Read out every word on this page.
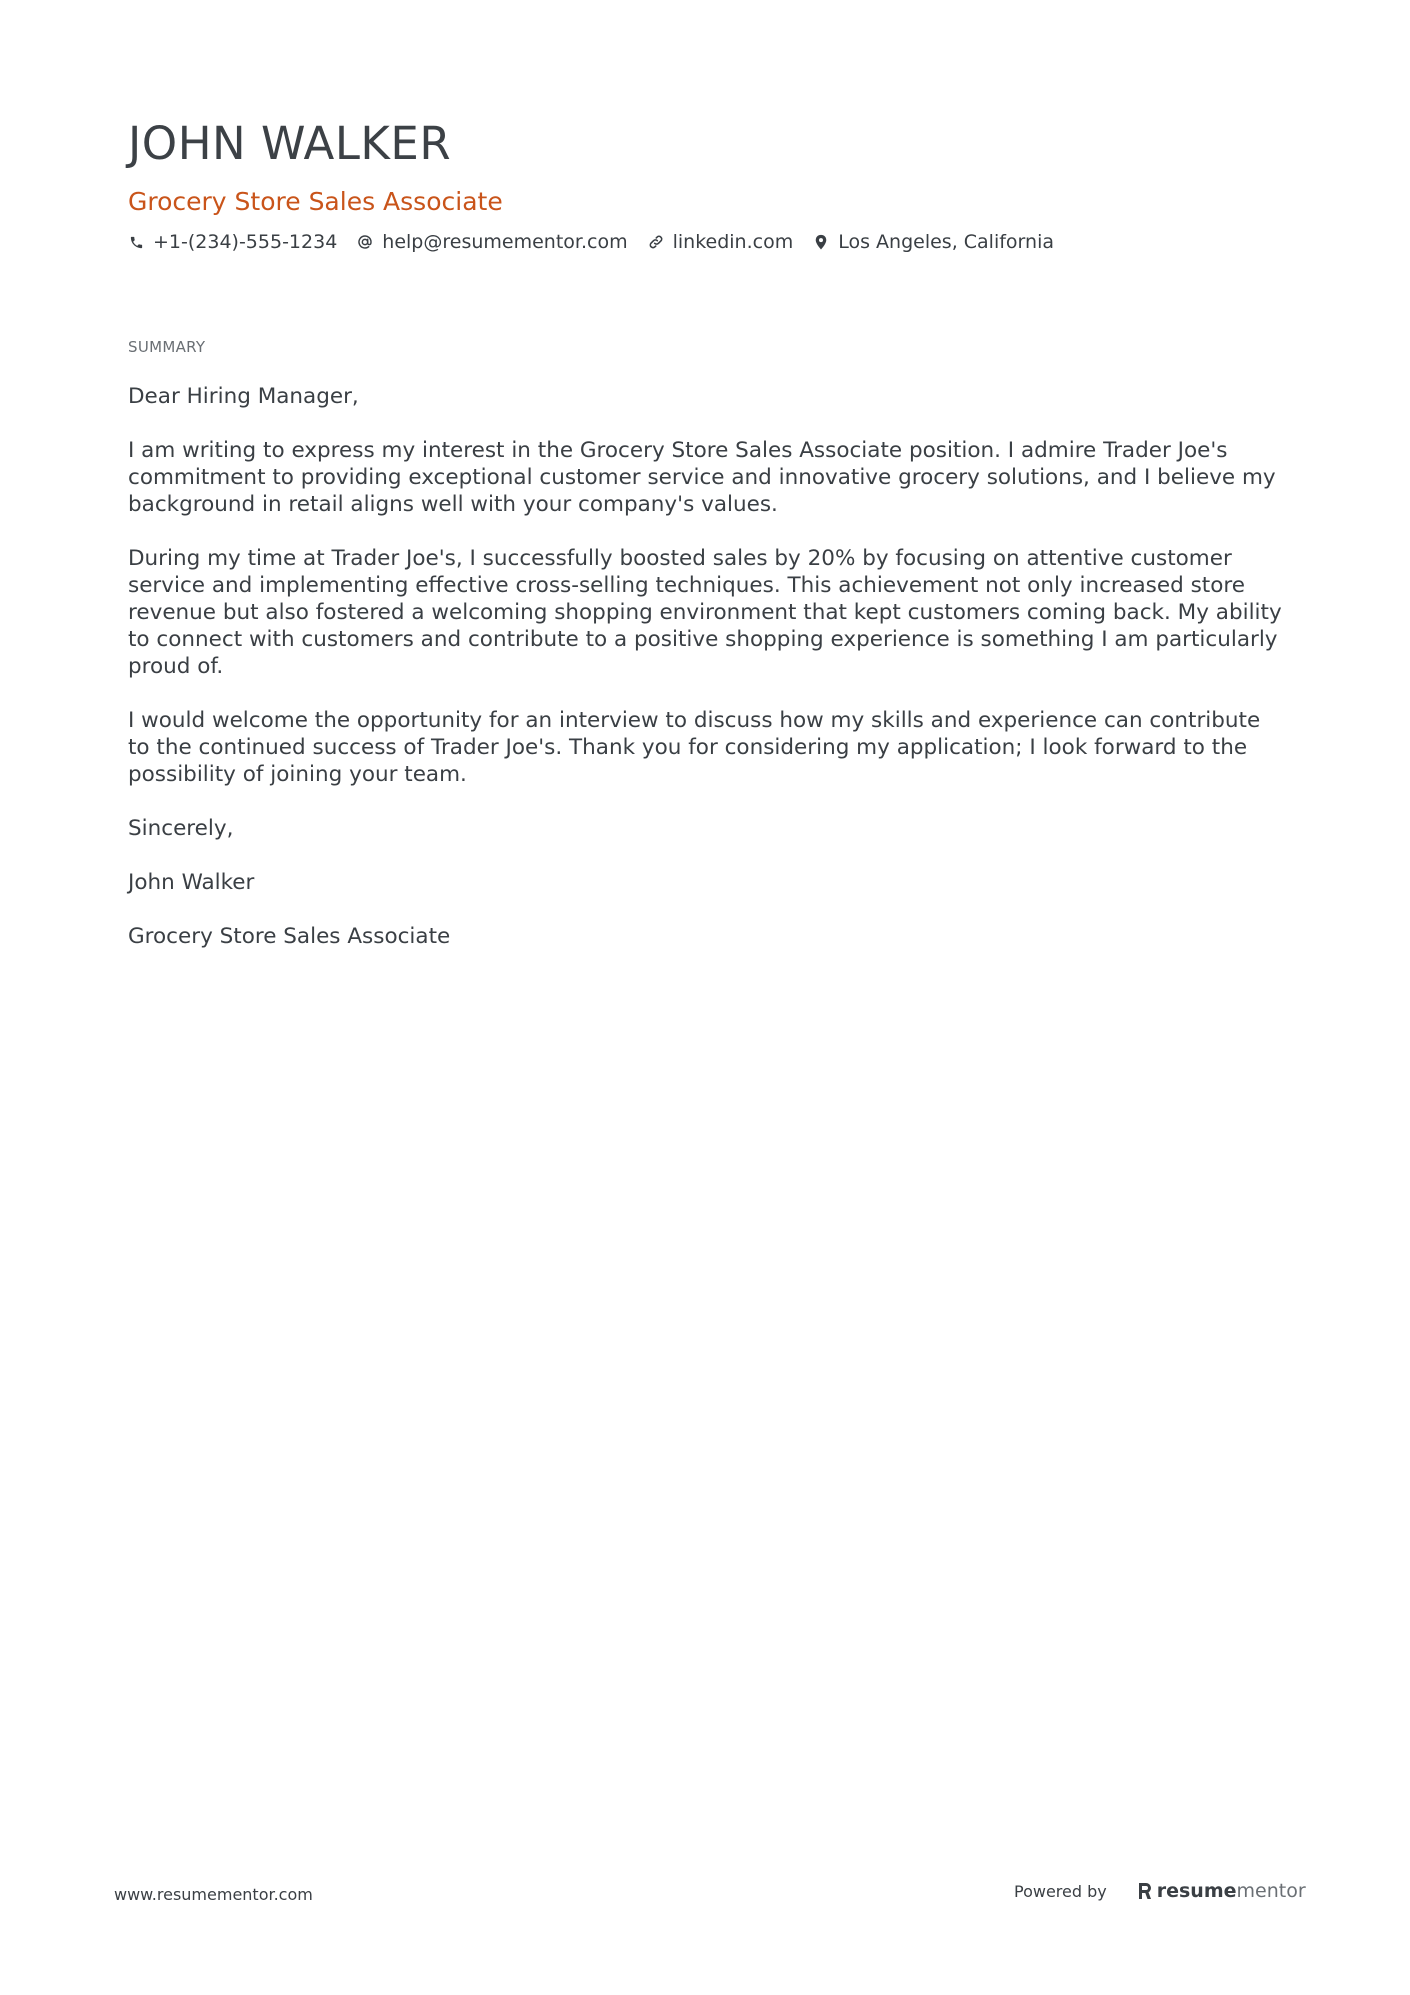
JOHN WALKER
Grocery Store Sales Associate
+1-(234)-555-1234 help@resumementor.com linkedin.com Los Angeles, California
SUMMARY

Dear Hiring Manager,

I am writing to express my interest in the Grocery Store Sales Associate position. I admire Trader Joe's commitment to providing exceptional customer service and innovative grocery solutions, and I believe my background in retail aligns well with your company's values.

During my time at Trader Joe's, I successfully boosted sales by 20% by focusing on attentive customer service and implementing effective cross-selling techniques. This achievement not only increased store revenue but also fostered a welcoming shopping environment that kept customers coming back. My ability to connect with customers and contribute to a positive shopping experience is something I am particularly proud of.

I would welcome the opportunity for an interview to discuss how my skills and experience can contribute to the continued success of Trader Joe's. Thank you for considering my application; I look forward to the possibility of joining your team.

Sincerely,

John Walker

Grocery Store Sales Associate

www.resumementor.com	Powered by	resume mentor
